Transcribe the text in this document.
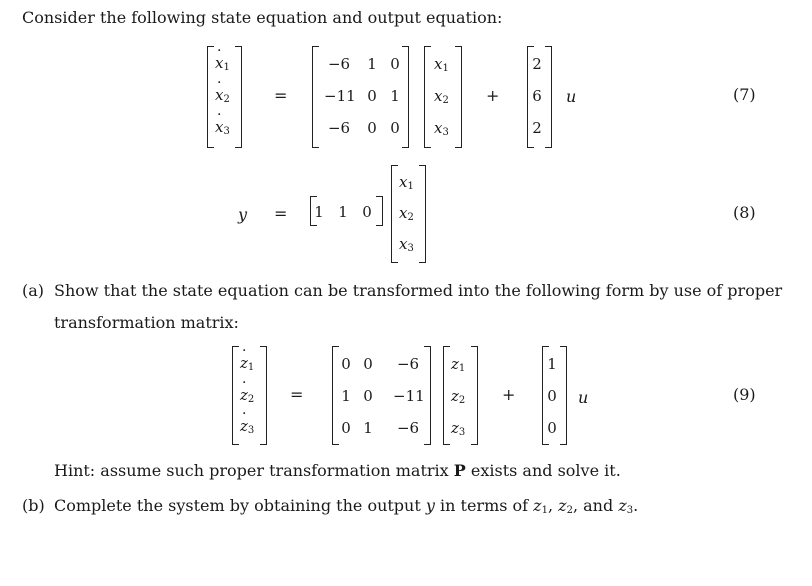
Consider the following state equation and output equation:
· $x_1$
· $x_2$
· $x_3$
=
−6	1 0
−11 0 1
−6	0 0
$x_1$
$x_2$
$x_3$
+
2
6
2
u	(7)
y =	1 1 0
$x_1$
$x_2$
$x_3$
(8)
(a) Show that the state equation can be transformed into the following form by use of proper
transformation matrix:
· $z_1$
· $z_2$
· $z_3$
=
0 0	−6
1 0	−11
0 1	−6
$z_1$
$z_2$
$z_3$
+
1
0
0
u	(9)
Hint: assume such proper transformation matrix P exists and solve it.
(b) Complete the system by obtaining the output y in terms of $z_1$, $z_2$, and $z_3$.
